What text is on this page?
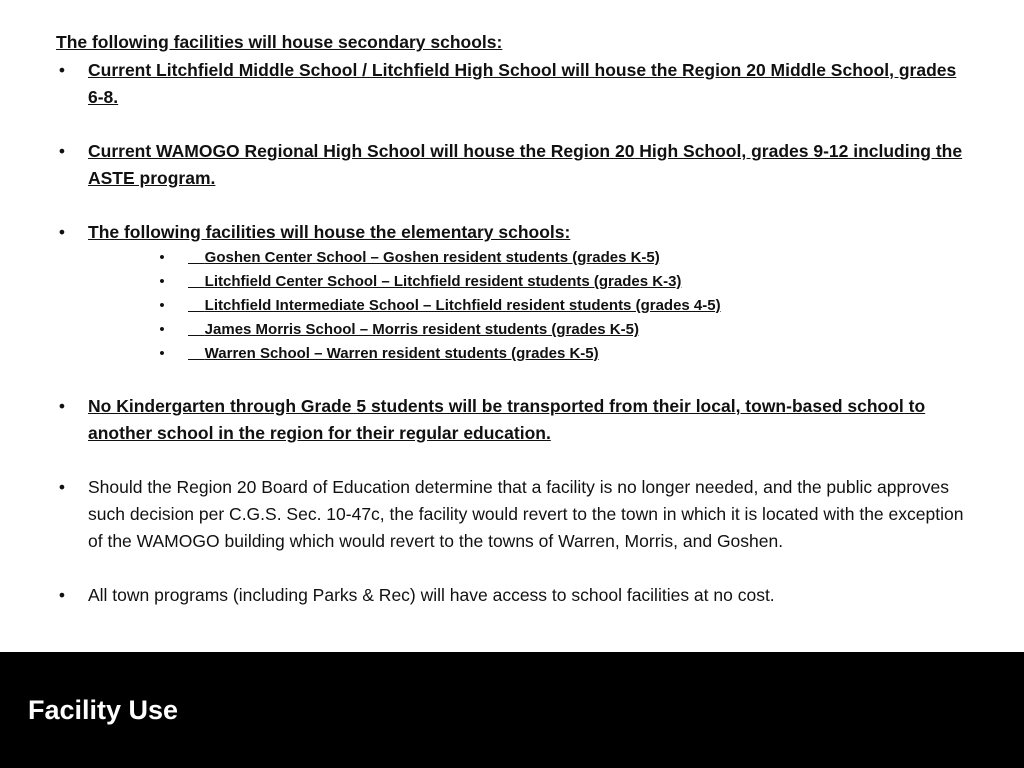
The following facilities will house secondary schools:
• Current Litchfield Middle School / Litchfield High School will house the Region 20 Middle School, grades 6-8.
• Current WAMOGO Regional High School will house the Region 20 High School, grades 9-12 including the ASTE program.
• The following facilities will house the elementary schools:
•	Goshen Center School – Goshen resident students (grades K-5)
•	Litchfield Center School – Litchfield resident students (grades K-3)
•	Litchfield Intermediate School – Litchfield resident students (grades 4-5)
•	James Morris School – Morris resident students (grades K-5)
•	Warren School – Warren resident students (grades K-5)
• No Kindergarten through Grade 5 students will be transported from their local, town-based school to another school in the region for their regular education.
• Should the Region 20 Board of Education determine that a facility is no longer needed, and the public approves such decision per C.G.S. Sec. 10-47c, the facility would revert to the town in which it is located with the exception of the WAMOGO building which would revert to the towns of Warren, Morris, and Goshen.
• All town programs (including Parks & Rec) will have access to school facilities at no cost.
Facility Use
